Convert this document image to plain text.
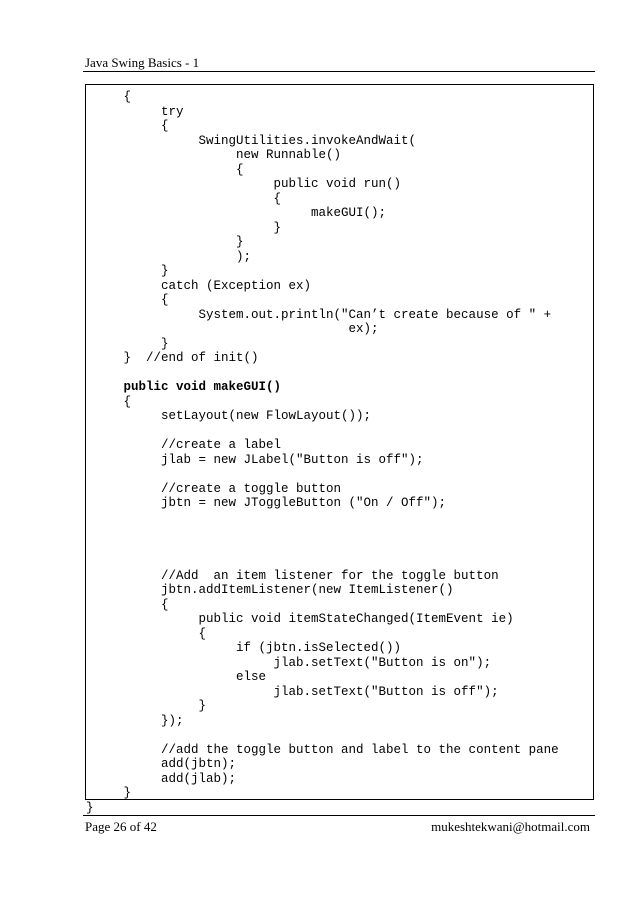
Java Swing Basics - 1
{
try
{
SwingUtilities.invokeAndWait(
new Runnable()
{
public void run()
{
makeGUI();
}
}
);
}
catch (Exception ex)
{
System.out.println("Can’t create because of " +
ex);
}
}  //end of init()
public void makeGUI()
{
setLayout(new FlowLayout());
//create a label
jlab = new JLabel("Button is off");
//create a toggle button
jbtn = new JToggleButton ("On / Off");
//Add  an item listener for the toggle button
jbtn.addItemListener(new ItemListener()
{
public void itemStateChanged(ItemEvent ie)
{
if (jbtn.isSelected())
jlab.setText("Button is on");
else
jlab.setText("Button is off");
}
});
//add the toggle button and label to the content pane
add(jbtn);
add(jlab);
}
}
Page 26 of 42	mukeshtekwani@hotmail.com
